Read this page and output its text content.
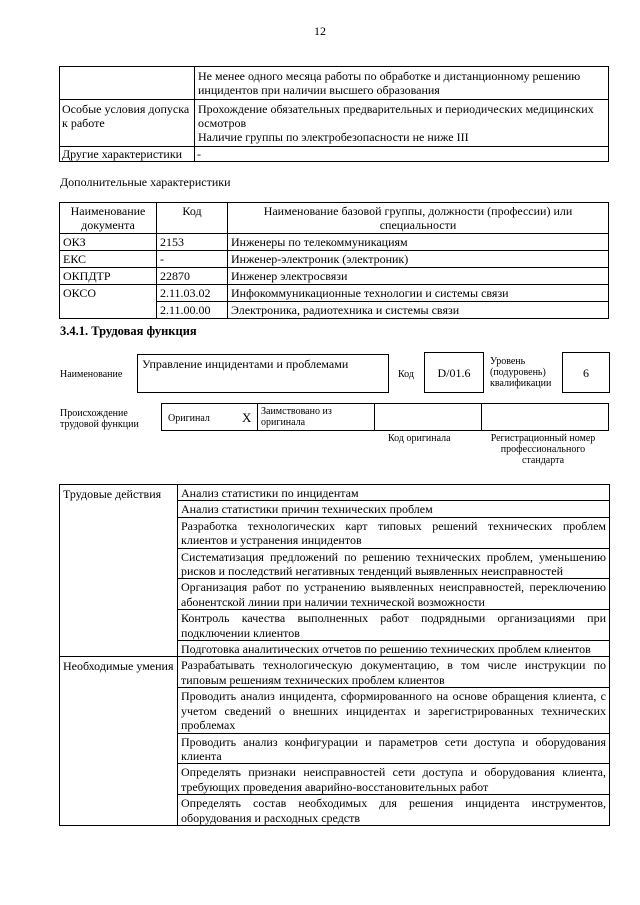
12
	Не менее одного месяца работы по обработке и дистанционному решению инцидентов при наличии высшего образования
Особые условия допуска к работе	Прохождение обязательных предварительных и периодических медицинских осмотров
Наличие группы по электробезопасности не ниже III

Другие характеристики	-
Дополнительные характеристики
Наименование документа	Код	Наименование базовой группы, должности (профессии) или специальности
ОКЗ	2153	Инженеры по телекоммуникациям
ЕКС	-	Инженер-электроник (электроник)
ОКПДТР	22870	Инженер электросвязи
ОКСО	2.11.03.02	Инфокоммуникационные технологии и системы связи
	2.11.00.00	Электроника, радиотехника и системы связи
3.4.1. Трудовая функция
Наименование
Управление инцидентами и проблемами
Код	D/01.6
Уровень (подуровень) квалификации
6
Происхождение трудовой функции
Оригинал X Заимствовано из оригинала
Код оригинала	Регистрационный номер профессионального стандарта
Трудовые действия	Анализ статистики по инцидентам
	Анализ статистики причин технических проблем
	Разработка технологических карт типовых решений технических проблем клиентов и устранения инцидентов
	Систематизация предложений по решению технических проблем, уменьшению рисков и последствий негативных тенденций выявленных неисправностей
	Организация работ по устранению выявленных неисправностей, переключению абонентской линии при наличии технической возможности
	Контроль качества выполненных работ подрядными организациями при подключении клиентов
	Подготовка аналитических отчетов по решению технических проблем клиентов
Необходимые умения	Разрабатывать технологическую документацию, в том числе инструкции по типовым решениям технических проблем клиентов
	Проводить анализ инцидента, сформированного на основе обращения клиента, с учетом сведений о внешних инцидентах и зарегистрированных технических проблемах
	Проводить анализ конфигурации и параметров сети доступа и оборудования клиента
	Определять признаки неисправностей сети доступа и оборудования клиента, требующих проведения аварийно-восстановительных работ
	Определять состав необходимых для решения инцидента инструментов, оборудования и расходных средств
